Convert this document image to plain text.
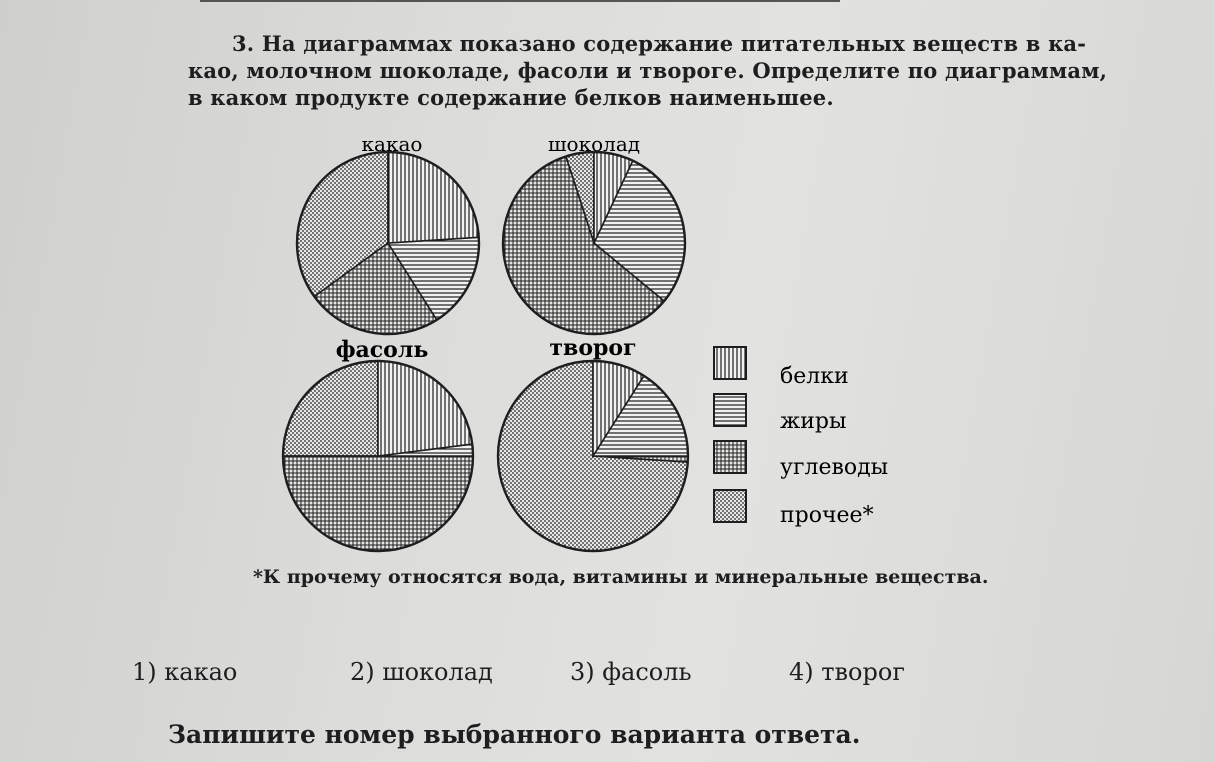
3. На диаграммах показано содержание питательных веществ в ка-
као, молочном шоколаде, фасоли и твороге. Определите по диаграммам,
в каком продукте содержание белков наименьшее.
какао	шоколад
фасоль	творог
белки
жиры
углеводы
прочее*
*К прочему относятся вода, витамины и минеральные вещества.
1) какао	2) шоколад	3) фасоль	4) творог
Запишите номер выбранного варианта ответа.
